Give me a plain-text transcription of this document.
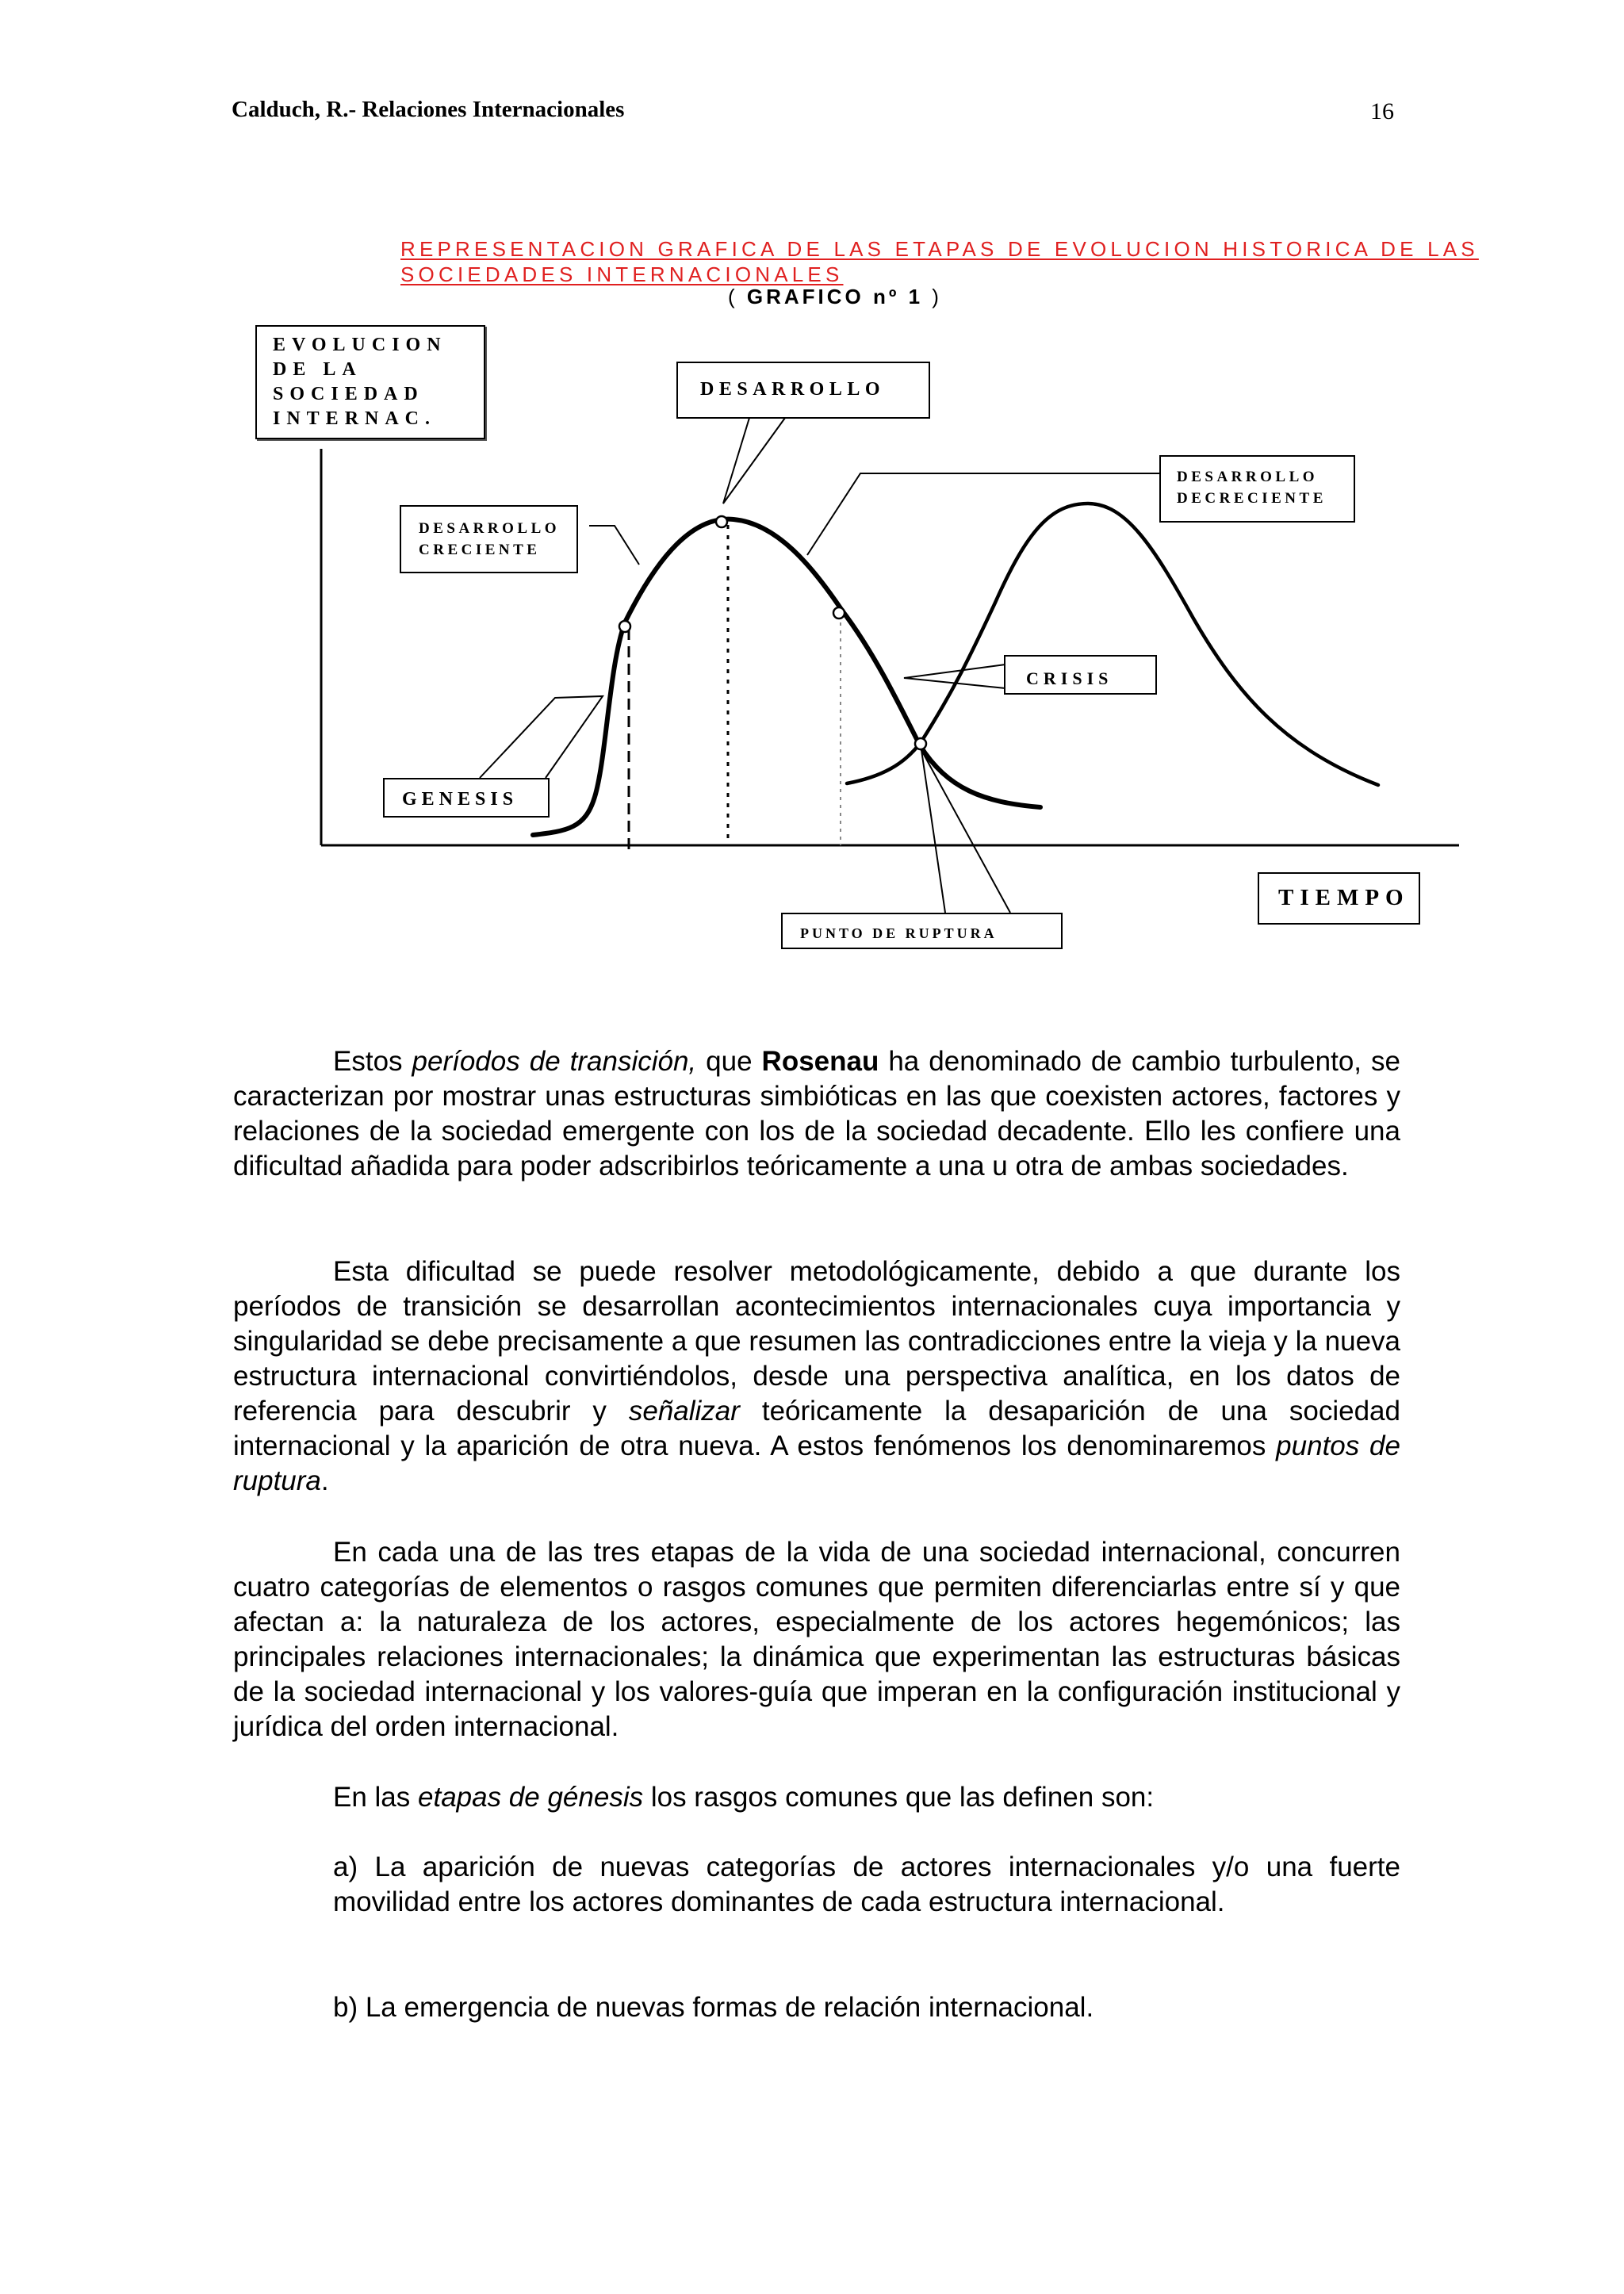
Calduch, R.- Relaciones Internacionales	16
REPRESENTACION GRAFICA DE LAS ETAPAS DE EVOLUCION HISTORICA DE LAS SOCIEDADES INTERNACIONALES
( GRAFICO nº 1 )
EVOLUCION
DE LA
SOCIEDAD
INTERNAC.
DESARROLLO
DESARROLLO
CRECIENTE
DESARROLLO
DECRECIENTE
CRISIS
GENESIS
PUNTO DE RUPTURA
TIEMPO

Estos períodos de transición, que Rosenau ha denominado de cambio turbulento, se caracterizan por mostrar unas estructuras simbióticas en las que coexisten actores, factores y relaciones de la sociedad emergente con los de la sociedad decadente. Ello les confiere una dificultad añadida para poder adscribirlos teóricamente a una u otra de ambas sociedades.

Esta dificultad se puede resolver metodológicamente, debido a que durante los períodos de transición se desarrollan acontecimientos internacionales cuya importancia y singularidad se debe precisamente a que resumen las contradicciones entre la vieja y la nueva estructura internacional convirtiéndolos, desde una perspectiva analítica, en los datos de referencia para descubrir y señalizar teóricamente la desaparición de una sociedad internacional y la aparición de otra nueva. A estos fenómenos los denominaremos puntos de ruptura.

En cada una de las tres etapas de la vida de una sociedad internacional, concurren cuatro categorías de elementos o rasgos comunes que permiten diferenciarlas entre sí y que afectan a: la naturaleza de los actores, especialmente de los actores hegemónicos; las principales relaciones internacionales; la dinámica que experimentan las estructuras básicas de la sociedad internacional y los valores-guía que imperan en la configuración institucional y jurídica del orden internacional.

En las etapas de génesis los rasgos comunes que las definen son:

a) La aparición de nuevas categorías de actores internacionales y/o una fuerte movilidad entre los actores dominantes de cada estructura internacional.

b) La emergencia de nuevas formas de relación internacional.
